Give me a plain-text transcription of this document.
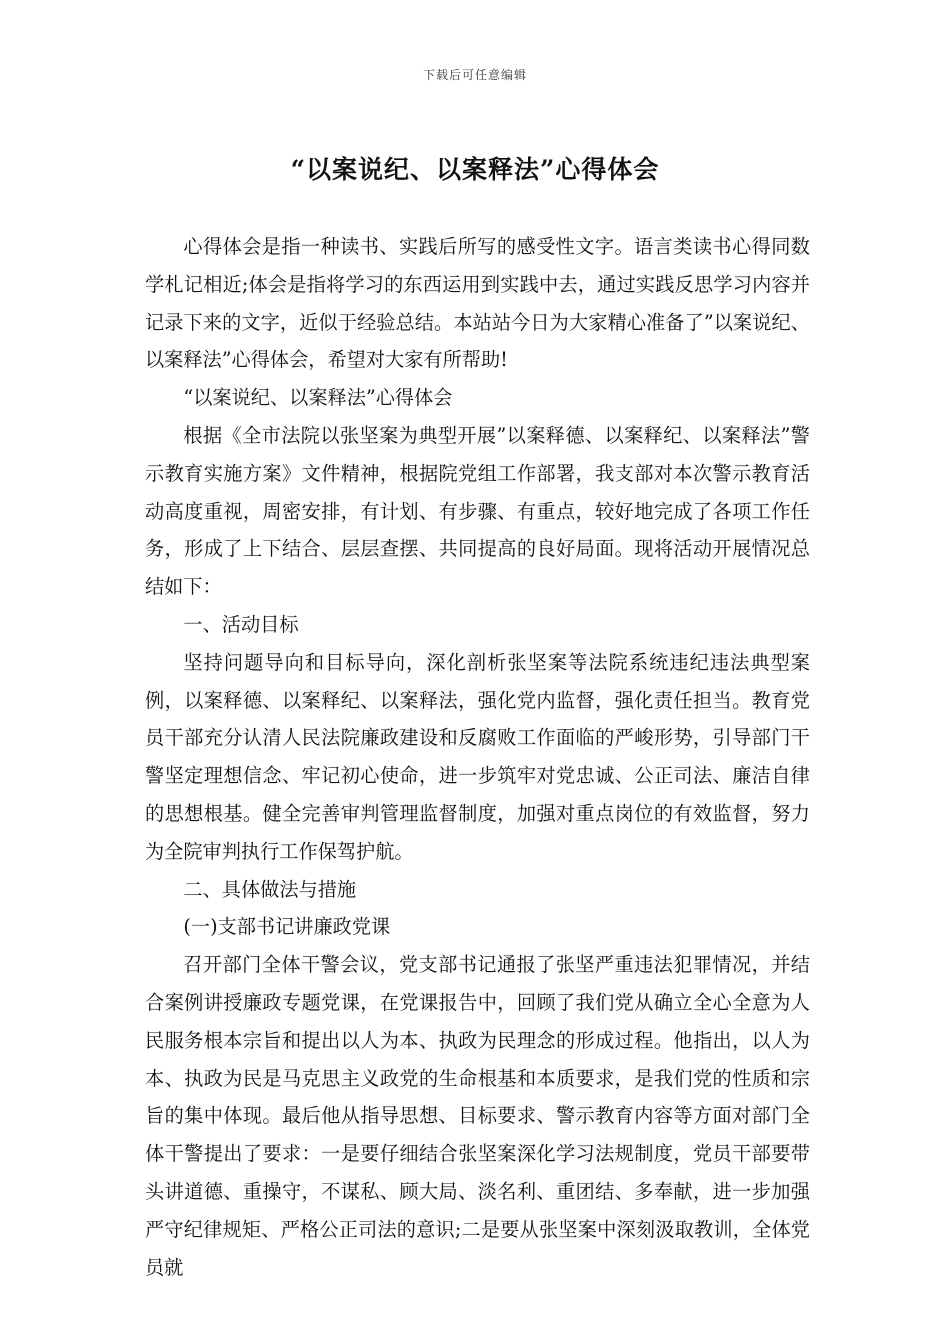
下载后可任意编辑
“以案说纪、以案释法”心得体会

心得体会是指一种读书、实践后所写的感受性文字。语言类读书心得同数学札记相近;体会是指将学习的东西运用到实践中去，通过实践反思学习内容并记录下来的文字，近似于经验总结。本站站今日为大家精心准备了”以案说纪、以案释法”心得体会，希望对大家有所帮助!

“以案说纪、以案释法”心得体会

根据《全市法院以张坚案为典型开展”以案释德、以案释纪、以案释法”警示教育实施方案》文件精神，根据院党组工作部署，我支部对本次警示教育活动高度重视，周密安排，有计划、有步骤、有重点，较好地完成了各项工作任务，形成了上下结合、层层查摆、共同提高的良好局面。现将活动开展情况总结如下：

一、活动目标

坚持问题导向和目标导向，深化剖析张坚案等法院系统违纪违法典型案例，以案释德、以案释纪、以案释法，强化党内监督，强化责任担当。教育党员干部充分认清人民法院廉政建设和反腐败工作面临的严峻形势，引导部门干警坚定理想信念、牢记初心使命，进一步筑牢对党忠诚、公正司法、廉洁自律的思想根基。健全完善审判管理监督制度，加强对重点岗位的有效监督，努力为全院审判执行工作保驾护航。

二、具体做法与措施

(一)支部书记讲廉政党课

召开部门全体干警会议，党支部书记通报了张坚严重违法犯罪情况，并结合案例讲授廉政专题党课，在党课报告中，回顾了我们党从确立全心全意为人民服务根本宗旨和提出以人为本、执政为民理念的形成过程。他指出，以人为本、执政为民是马克思主义政党的生命根基和本质要求，是我们党的性质和宗旨的集中体现。最后他从指导思想、目标要求、警示教育内容等方面对部门全体干警提出了要求：一是要仔细结合张坚案深化学习法规制度，党员干部要带头讲道德、重操守，不谋私、顾大局、淡名利、重团结、多奉献，进一步加强严守纪律规矩、严格公正司法的意识;二是要从张坚案中深刻汲取教训，全体党员就
